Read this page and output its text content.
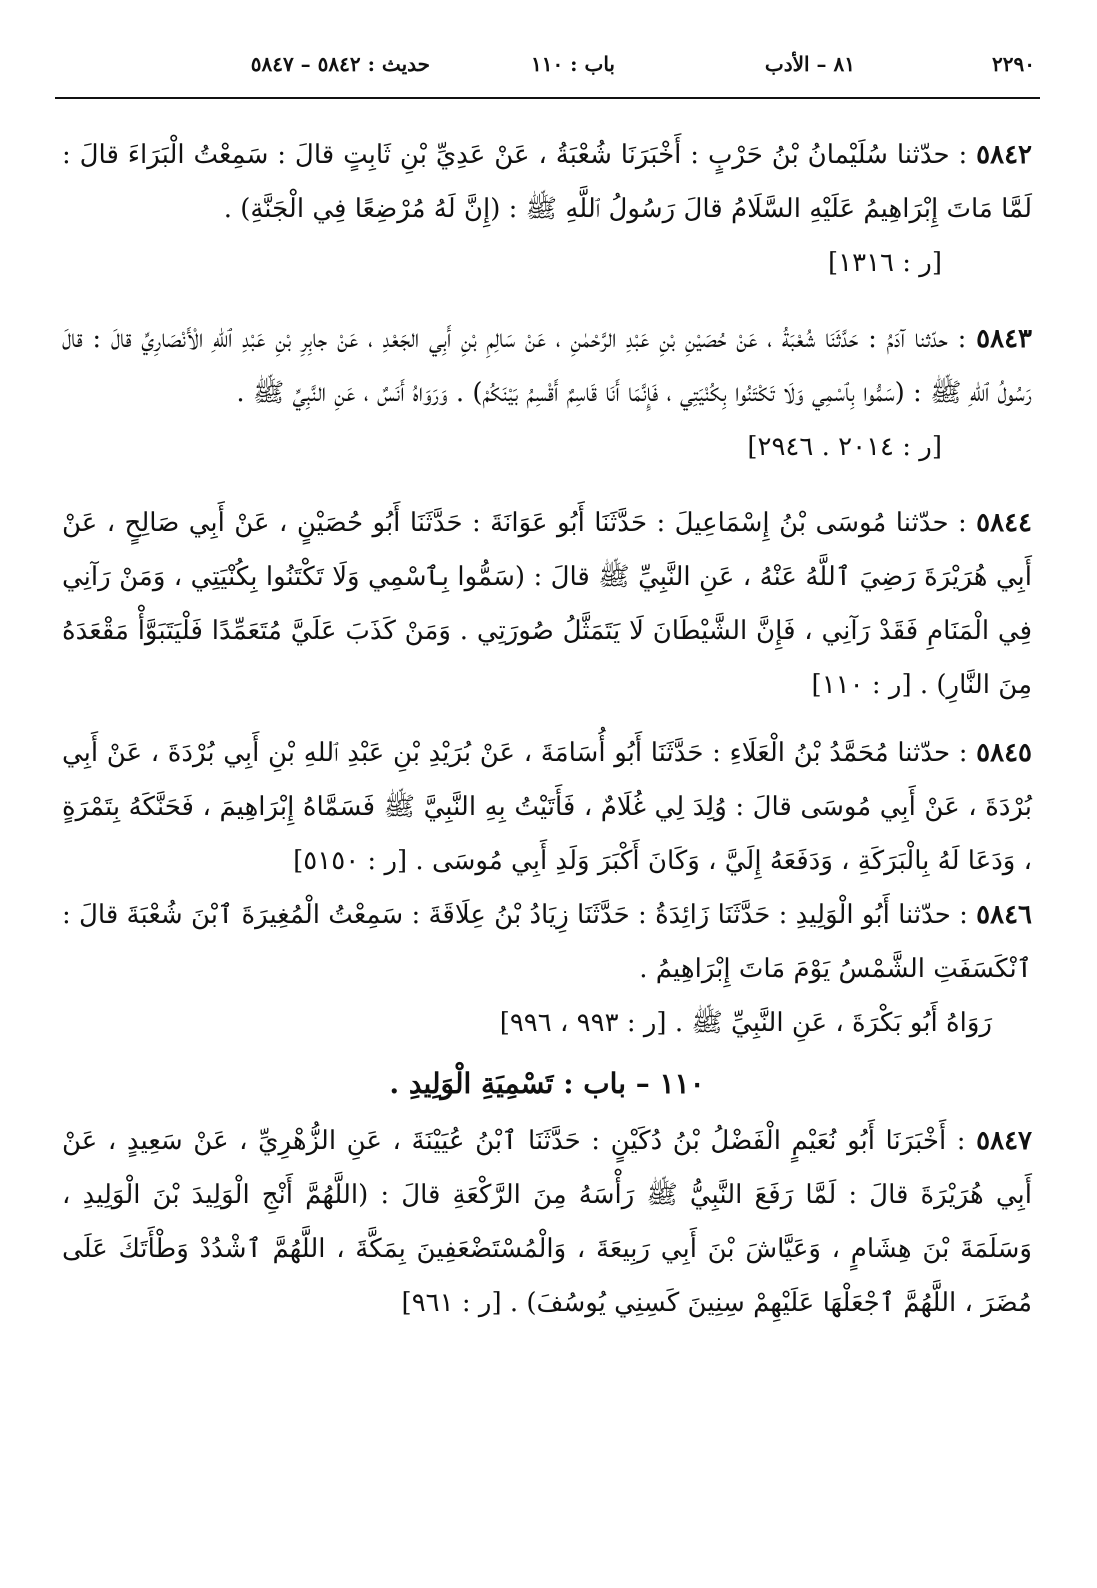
٢٢٩٠
٨١ – الأدب
باب : ١١٠
حديث : ٥٨٤٢ – ٥٨٤٧

٥٨٤٢ : حدّثنا سُلَيْمانُ بْنُ حَرْبٍ : أَخْبَرَنَا شُعْبَةُ ، عَنْ عَدِيِّ بْنِ ثَابِتٍ قالَ : سَمِعْتُ الْبَرَاءَ قالَ : لَمَّا مَاتَ إِبْرَاهِيمُ عَلَيْهِ السَّلَامُ قالَ رَسُولُ ٱللَّهِ ﷺ : (إِنَّ لَهُ مُرْضِعًا فِي الْجَنَّةِ) .
[ر : ١٣١٦]

٥٨٤٣ : حدّثنا آدَمُ : حَدَّثَنَا شُعْبَةُ ، عَنْ حُصَيْنِ بْنِ عَبْدِ الرَّحْمٰنِ ، عَنْ سَالِمِ بْنِ أَبِي الجَعْدِ ، عَنْ جابِرِ بْنِ عَبْدِ ٱللهِ الْأَنْصَارِيِّ قالَ : قالَ رَسُولُ ٱللهِ ﷺ : (سَمُّوا بِٱسْمِي وَلَا تَكْتَنُوا بِكُنْيَتِي ، فَإِنَّمَا أَنَا قَاسِمٌ أَقْسِمُ بَيْنَكُمْ) . وَرَوَاهُ أَنَسٌ ، عَنِ النَّبِيِّ ﷺ .
[ر : ٢٠١٤ . ٢٩٤٦]

٥٨٤٤ : حدّثنا مُوسَى بْنُ إِسْمَاعِيلَ : حَدَّثَنَا أَبُو عَوَانَةَ : حَدَّثَنَا أَبُو حُصَيْنٍ ، عَنْ أَبِي صَالِحٍ ، عَنْ أَبِي هُرَيْرَةَ رَضِيَ ٱللَّهُ عَنْهُ ، عَنِ النَّبِيِّ ﷺ قالَ : (سَمُّوا بِٱسْمِي وَلَا تَكْتَنُوا بِكُنْيَتِي ، وَمَنْ رَآنِي فِي الْمَنَامِ فَقَدْ رَآنِي ، فَإِنَّ الشَّيْطَانَ لَا يَتَمَثَّلُ صُورَتِي . وَمَنْ كَذَبَ عَلَيَّ مُتَعَمِّدًا فَلْيَتَبَوَّأْ مَقْعَدَهُ مِنَ النَّارِ) . [ر : ١١٠]

٥٨٤٥ : حدّثنا مُحَمَّدُ بْنُ الْعَلَاءِ : حَدَّثَنَا أَبُو أُسَامَةَ ، عَنْ بُرَيْدِ بْنِ عَبْدِ ٱللهِ بْنِ أَبِي بُرْدَةَ ، عَنْ أَبِي بُرْدَةَ ، عَنْ أَبِي مُوسَى قالَ : وُلِدَ لِي غُلَامٌ ، فَأَتَيْتُ بِهِ النَّبِيَّ ﷺ فَسَمَّاهُ إِبْرَاهِيمَ ، فَحَنَّكَهُ بِتَمْرَةٍ ، وَدَعَا لَهُ بِالْبَرَكَةِ ، وَدَفَعَهُ إِلَيَّ ، وَكَانَ أَكْبَرَ وَلَدِ أَبِي مُوسَى . [ر : ٥١٥٠]

٥٨٤٦ : حدّثنا أَبُو الْوَلِيدِ : حَدَّثَنَا زَائِدَةُ : حَدَّثَنَا زِيَادُ بْنُ عِلَاقَةَ : سَمِعْتُ الْمُغِيرَةَ ٱبْنَ شُعْبَةَ قالَ : ٱنْكَسَفَتِ الشَّمْسُ يَوْمَ مَاتَ إِبْرَاهِيمُ .
رَوَاهُ أَبُو بَكْرَةَ ، عَنِ النَّبِيِّ ﷺ . [ر : ٩٩٣ ، ٩٩٦]

١١٠ – باب : تَسْمِيَةِ الْوَلِيدِ .

٥٨٤٧ : أَخْبَرَنَا أَبُو نُعَيْمٍ الْفَضْلُ بْنُ دُكَيْنٍ : حَدَّثَنَا ٱبْنُ عُيَيْنَةَ ، عَنِ الزُّهْرِيِّ ، عَنْ سَعِيدٍ ، عَنْ أَبِي هُرَيْرَةَ قالَ : لَمَّا رَفَعَ النَّبِيُّ ﷺ رَأْسَهُ مِنَ الرَّكْعَةِ قالَ : (اللَّهُمَّ أَنْجِ الْوَلِيدَ بْنَ الْوَلِيدِ ، وَسَلَمَةَ بْنَ هِشَامٍ ، وَعَيَّاشَ بْنَ أَبِي رَبِيعَةَ ، وَالْمُسْتَضْعَفِينَ بِمَكَّةَ ، اللَّهُمَّ ٱشْدُدْ وَطْأَتَكَ عَلَى مُضَرَ ، اللَّهُمَّ ٱجْعَلْهَا عَلَيْهِمْ سِنِينَ كَسِنِي يُوسُفَ) . [ر : ٩٦١]
